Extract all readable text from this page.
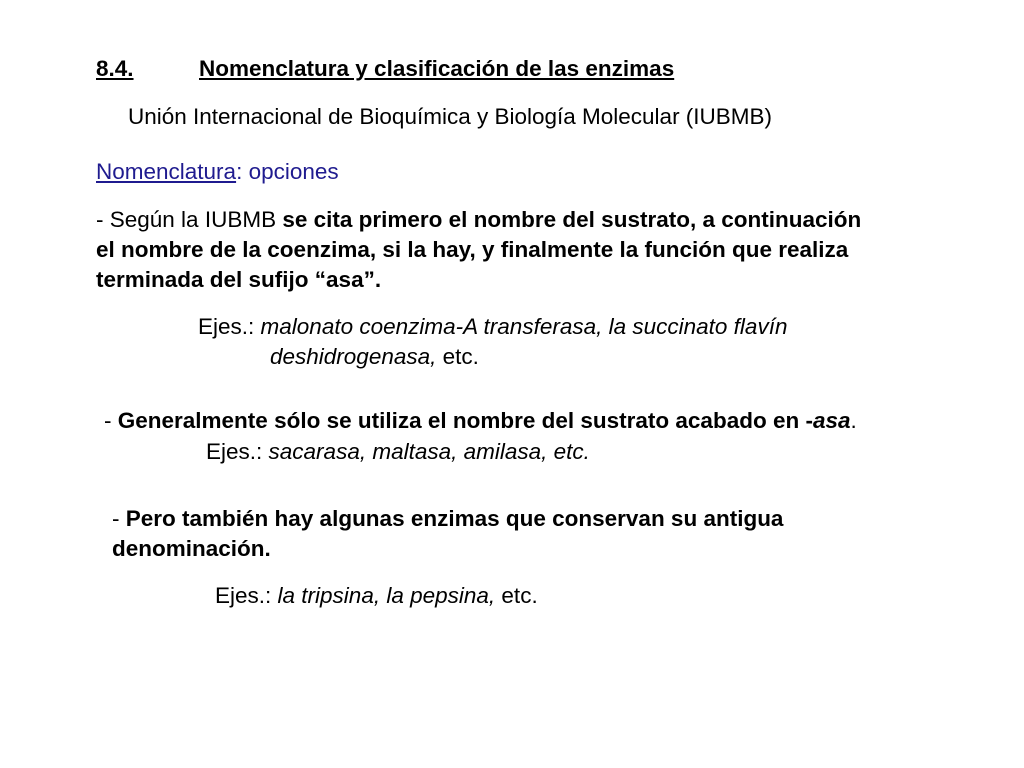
8.4.	Nomenclatura y clasificación de las enzimas
Unión Internacional de Bioquímica y Biología Molecular (IUBMB)
Nomenclatura: opciones
- Según la IUBMB se cita primero el nombre del sustrato, a continuación
el nombre de la coenzima, si la hay, y finalmente la función que realiza
terminada del sufijo “asa”.
Ejes.: malonato coenzima-A transferasa, la succinato flavín
deshidrogenasa, etc.
- Generalmente sólo se utiliza el nombre del sustrato acabado en -asa.
Ejes.: sacarasa, maltasa, amilasa, etc.
- Pero también hay algunas enzimas que conservan su antigua
denominación.
Ejes.: la tripsina, la pepsina, etc.
